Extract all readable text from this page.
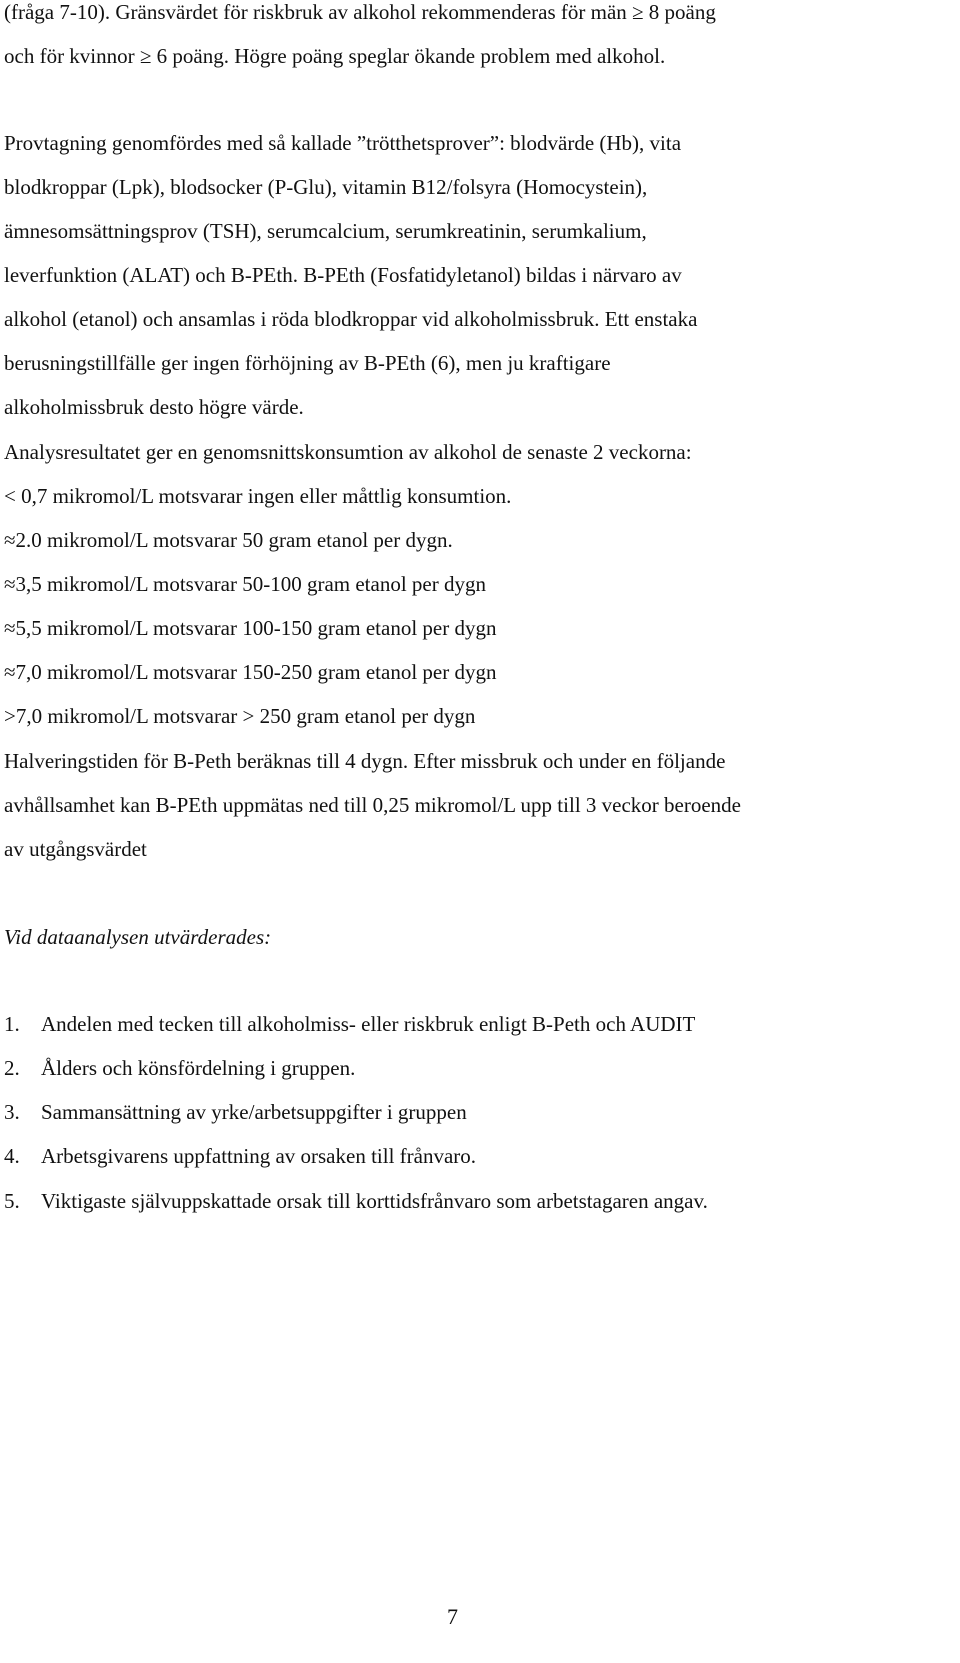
(fråga 7-10). Gränsvärdet för riskbruk av alkohol rekommenderas för män ≥ 8 poäng
och för kvinnor ≥ 6 poäng. Högre poäng speglar ökande problem med alkohol.
Provtagning genomfördes med så kallade ”trötthetsprover”: blodvärde (Hb), vita
blodkroppar (Lpk), blodsocker (P-Glu), vitamin B12/folsyra (Homocystein),
ämnesomsättningsprov (TSH), serumcalcium, serumkreatinin, serumkalium,
leverfunktion (ALAT) och B-PEth. B-PEth (Fosfatidyletanol) bildas i närvaro av
alkohol (etanol) och ansamlas i röda blodkroppar vid alkoholmissbruk. Ett enstaka
berusningstillfälle ger ingen förhöjning av B-PEth (6), men ju kraftigare
alkoholmissbruk desto högre värde.
Analysresultatet ger en genomsnittskonsumtion av alkohol de senaste 2 veckorna:
< 0,7 mikromol/L motsvarar ingen eller måttlig konsumtion.
≈2.0 mikromol/L motsvarar 50 gram etanol per dygn.
≈3,5 mikromol/L motsvarar 50-100 gram etanol per dygn
≈5,5 mikromol/L motsvarar 100-150 gram etanol per dygn
≈7,0 mikromol/L motsvarar 150-250 gram etanol per dygn
>7,0 mikromol/L motsvarar > 250 gram etanol per dygn
Halveringstiden för B-Peth beräknas till 4 dygn. Efter missbruk och under en följande
avhållsamhet kan B-PEth uppmätas ned till 0,25 mikromol/L upp till 3 veckor beroende
av utgångsvärdet
Vid dataanalysen utvärderades:
1. Andelen med tecken till alkoholmiss- eller riskbruk enligt B-Peth och AUDIT
2. Ålders och könsfördelning i gruppen.
3. Sammansättning av yrke/arbetsuppgifter i gruppen
4. Arbetsgivarens uppfattning av orsaken till frånvaro.
5. Viktigaste självuppskattade orsak till korttidsfrånvaro som arbetstagaren angav.
7
